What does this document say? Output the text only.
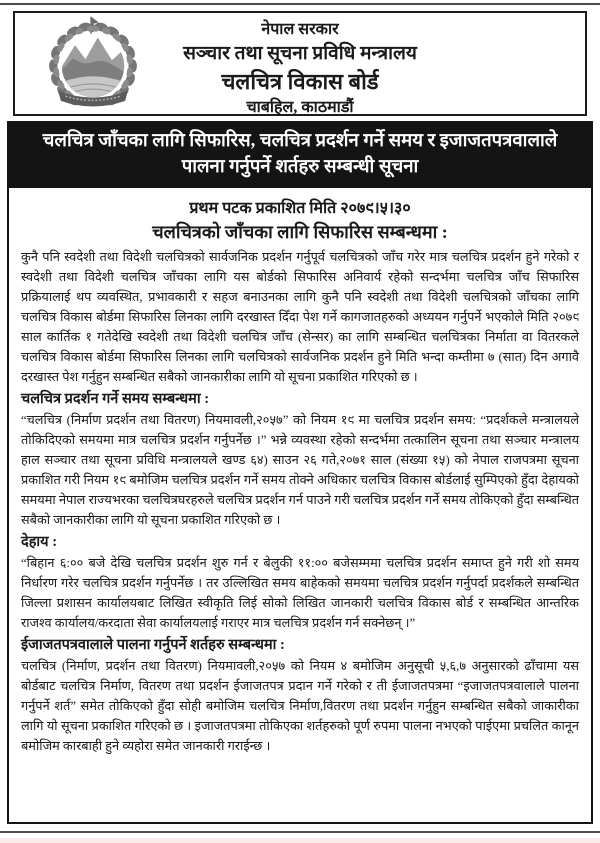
नेपाल सरकार
सञ्चार तथा सूचना प्रविधि मन्त्रालय
चलचित्र विकास बोर्ड
चाबहिल, काठमाडौं
चलचित्र जाँचका लागि सिफारिस, चलचित्र प्रदर्शन गर्ने समय र इजाजतपत्रवालाले
पालना गर्नुपर्ने शर्तहरु सम्बन्धी सूचना
प्रथम पटक प्रकाशित मिति २०७९।५।३०
चलचित्रको जाँचका लागि सिफारिस सम्बन्धमा :

कुनै पनि स्वदेशी तथा विदेशी चलचित्रको सार्वजनिक प्रदर्शन गर्नुपूर्व चलचित्रको जाँच गरेर मात्र चलचित्र प्रदर्शन हुने गरेको र स्वदेशी तथा विदेशी चलचित्र जाँचका लागि यस बोर्डको सिफारिस अनिवार्य रहेको सन्दर्भमा चलचित्र जाँच सिफारिस प्रक्रियालाई थप व्यवस्थित, प्रभावकारी र सहज बनाउनका लागि कुनै पनि स्वदेशी तथा विदेशी चलचित्रको जाँचका लागि चलचित्र विकास बोर्डमा सिफारिस लिनका लागि दरखास्त दिँदा पेश गर्ने कागजातहरुको अध्ययन गर्नुपर्ने भएकोले मिति २०७९ साल कार्तिक १ गतेदेखि स्वदेशी तथा विदेशी चलचित्र जाँच (सेन्सर) का लागि सम्बन्धित चलचित्रका निर्माता वा वितरकले चलचित्र विकास बोर्डमा सिफारिस लिनका लागि चलचित्रको सार्वजनिक प्रदर्शन हुने मिति भन्दा कम्तीमा ७ (सात) दिन अगावै दरखास्त पेश गर्नुहुन सम्बन्धित सबैको जानकारीका लागि यो सूचना प्रकाशित गरिएको छ ।

चलचित्र प्रदर्शन गर्ने समय सम्बन्धमा :

“चलचित्र (निर्माण प्रदर्शन तथा वितरण) नियमावली,२०५७” को नियम १९ मा चलचित्र प्रदर्शन समय: “प्रदर्शकले मन्त्रालयले तोकिदिएको समयमा मात्र चलचित्र प्रदर्शन गर्नुपर्नेछ ।” भन्ने व्यवस्था रहेको सन्दर्भमा तत्कालिन सूचना तथा सञ्चार मन्त्रालय हाल सञ्चार तथा सूचना प्रविधि मन्त्रालयले खण्ड ६४) साउन २६ गते,२०७१ साल (संख्या १५) को नेपाल राजपत्रमा सूचना प्रकाशित गरी नियम १९ बमोजिम चलचित्र प्रदर्शन गर्ने समय तोक्ने अधिकार चलचित्र विकास बोर्डलाई सुम्पिएको हुँदा देहायको समयमा नेपाल राज्यभरका चलचित्रघरहरुले चलचित्र प्रदर्शन गर्न पाउने गरी चलचित्र प्रदर्शन गर्ने समय तोकिएको हुँदा सम्बन्धित सबैको जानकारीका लागि यो सूचना प्रकाशित गरिएको छ ।

देहाय :

“बिहान ६:०० बजे देखि चलचित्र प्रदर्शन शुरु गर्न र बेलुकी ११:०० बजेसम्ममा चलचित्र प्रदर्शन समाप्त हुने गरी शो समय निर्धारण गरेर चलचित्र प्रदर्शन गर्नुपर्नेछ । तर उल्लिखित समय बाहेकको समयमा चलचित्र प्रदर्शन गर्नुपर्दा प्रदर्शकले सम्बन्धित जिल्ला प्रशासन कार्यालयबाट लिखित स्वीकृति लिई सोको लिखित जानकारी चलचित्र विकास बोर्ड र सम्बन्धित आन्तरिक राजश्व कार्यालय/करदाता सेवा कार्यालयलाई गराएर मात्र चलचित्र प्रदर्शन गर्न सक्नेछन् ।”

ईजाजतपत्रवालाले पालना गर्नुपर्ने शर्तहरु सम्बन्धमा :

चलचित्र (निर्माण, प्रदर्शन तथा वितरण) नियमावली,२०५७ को नियम ४ बमोजिम अनुसूची ५,६,७ अनुसारको ढाँचामा यस बोर्डबाट चलचित्र निर्माण, वितरण तथा प्रदर्शन ईजाजतपत्र प्रदान गर्ने गरेको र ती ईजाजतपत्रमा “इजाजतपत्रवालाले पालना गर्नुपर्ने शर्त” समेत तोकिएको हुँदा सोही बमोजिम चलचित्र निर्माण,वितरण तथा प्रदर्शन गर्नुहुन सम्बन्धित सबैको जाकारीका लागि यो सूचना प्रकाशित गरिएको छ । इजाजतपत्रमा तोकिएका शर्तहरुको पूर्ण रुपमा पालना नभएको पाईएमा प्रचलित कानून बमोजिम कारबाही हुने व्यहोरा समेत जानकारी गराईन्छ ।
